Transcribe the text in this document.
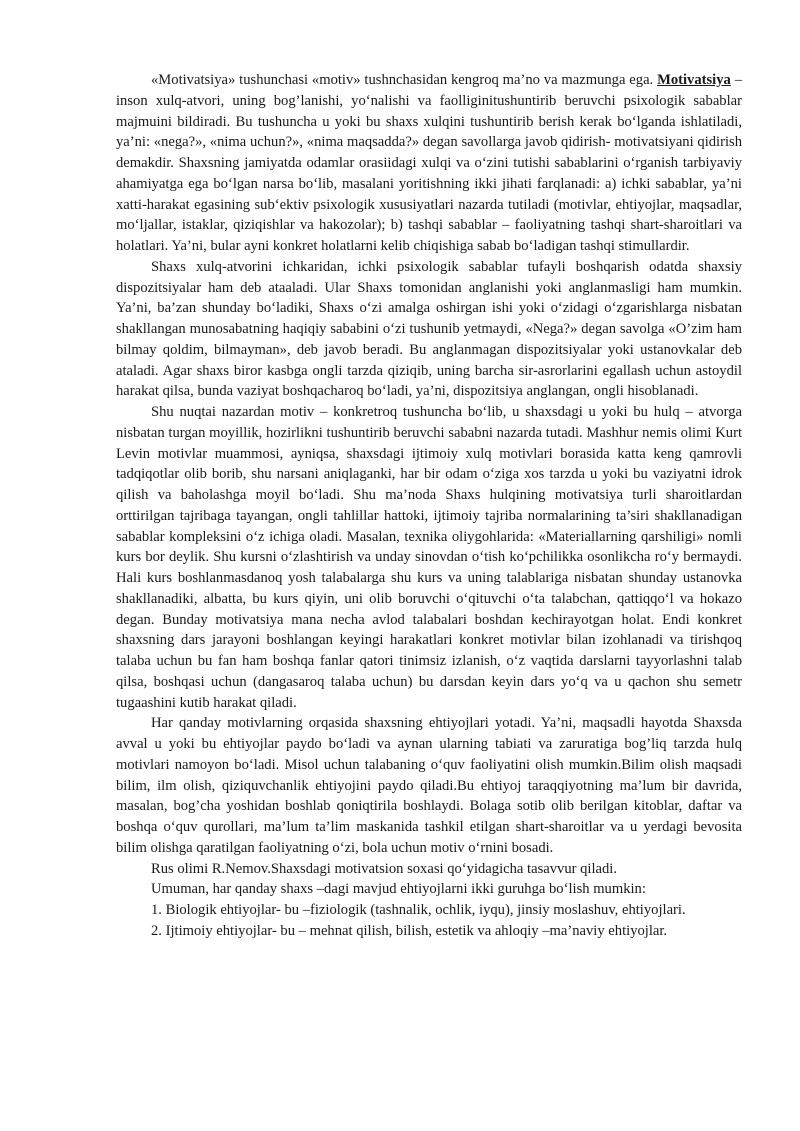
«Motivatsiya» tushunchasi «motiv» tushnchasidan kengroq ma’no va mazmunga ega. Motivatsiya – inson xulq-atvori, uning bog’lanishi, yo‘nalishi va faolliginitushuntirib beruvchi psixologik sabablar majmuini bildiradi. Bu tushuncha u yoki bu shaxs xulqini tushuntirib berish kerak bo‘lganda ishlatiladi, ya’ni: «nega?», «nima uchun?», «nima maqsadda?» degan savollarga javob qidirish- motivatsiyani qidirish demakdir. Shaxsning jamiyatda odamlar orasiidagi xulqi va o‘zini tutishi sabablarini o‘rganish tarbiyaviy ahamiyatga ega bo‘lgan narsa bo‘lib, masalani yoritishning ikki jihati farqlanadi: a) ichki sabablar, ya’ni xatti-harakat egasining sub‘ektiv psixologik xususiyatlari nazarda tutiladi (motivlar, ehtiyojlar, maqsadlar, mo‘ljallar, istaklar, qiziqishlar va hakozolar); b) tashqi sabablar – faoliyatning tashqi shart-sharoitlari va holatlari. Ya’ni, bular ayni konkret holatlarni kelib chiqishiga sabab bo‘ladigan tashqi stimullardir.

Shaxs xulq-atvorini ichkaridan, ichki psixologik sabablar tufayli boshqarish odatda shaxsiy dispozitsiyalar ham deb ataaladi. Ular Shaxs tomonidan anglanishi yoki anglanmasligi ham mumkin. Ya’ni, ba’zan shunday bo‘ladiki, Shaxs o‘zi amalga oshirgan ishi yoki o‘zidagi o‘zgarishlarga nisbatan shakllangan munosabatning haqiqiy sababini o‘zi tushunib yetmaydi, «Nega?» degan savolga «O’zim ham bilmay qoldim, bilmayman», deb javob beradi. Bu anglanmagan dispozitsiyalar yoki ustanovkalar deb ataladi. Agar shaxs biror kasbga ongli tarzda qiziqib, uning barcha sir-asrorlarini egallash uchun astoydil harakat qilsa, bunda vaziyat boshqacharoq bo‘ladi, ya’ni, dispozitsiya anglangan, ongli hisoblanadi.

Shu nuqtai nazardan motiv – konkretroq tushuncha bo‘lib, u shaxsdagi u yoki bu hulq – atvorga nisbatan turgan moyillik, hozirlikni tushuntirib beruvchi sababni nazarda tutadi. Mashhur nemis olimi Kurt Levin motivlar muammosi, ayniqsa, shaxsdagi ijtimoiy xulq motivlari borasida katta keng qamrovli tadqiqotlar olib borib, shu narsani aniqlaganki, har bir odam o‘ziga xos tarzda u yoki bu vaziyatni idrok qilish va baholashga moyil bo‘ladi. Shu ma’noda Shaxs hulqining motivatsiya turli sharoitlardan orttirilgan tajribaga tayangan, ongli tahlillar hattoki, ijtimoiy tajriba normalarining ta’siri shakllanadigan sabablar kompleksini o‘z ichiga oladi. Masalan, texnika oliygohlarida: «Materiallarning qarshiligi» nomli kurs bor deylik. Shu kursni o‘zlashtirish va unday sinovdan o‘tish ko‘pchilikka osonlikcha ro‘y bermaydi. Hali kurs boshlanmasdanoq yosh talabalarga shu kurs va uning talablariga nisbatan shunday ustanovka shakllanadiki, albatta, bu kurs qiyin, uni olib boruvchi o‘qituvchi o‘ta talabchan, qattiqqo‘l va hokazo degan. Bunday motivatsiya mana necha avlod talabalari boshdan kechirayotgan holat. Endi konkret shaxsning dars jarayoni boshlangan keyingi harakatlari konkret motivlar bilan izohlanadi va tirishqoq talaba uchun bu fan ham boshqa fanlar qatori tinimsiz izlanish, o‘z vaqtida darslarni tayyorlashni talab qilsa, boshqasi uchun (dangasaroq talaba uchun) bu darsdan keyin dars yo‘q va u qachon shu semetr tugaashini kutib harakat qiladi.

Har qanday motivlarning orqasida shaxsning ehtiyojlari yotadi. Ya’ni, maqsadli hayotda Shaxsda avval u yoki bu ehtiyojlar paydo bo‘ladi va aynan ularning tabiati va zaruratiga bog’liq tarzda hulq motivlari namoyon bo‘ladi. Misol uchun talabaning o‘quv faoliyatini olish mumkin.Bilim olish maqsadi bilim, ilm olish, qiziquvchanlik ehtiyojini paydo qiladi.Bu ehtiyoj taraqqiyotning ma’lum bir davrida, masalan, bog’cha yoshidan boshlab qoniqtirila boshlaydi. Bolaga sotib olib berilgan kitoblar, daftar va boshqa o‘quv qurollari, ma’lum ta’lim maskanida tashkil etilgan shart-sharoitlar va u yerdagi bevosita bilim olishga qaratilgan faoliyatning o‘zi, bola uchun motiv o‘rnini bosadi.

Rus olimi R.Nemov.Shaxsdagi motivatsion soxasi qo‘yidagicha tasavvur qiladi.

Umuman, har qanday shaxs –dagi mavjud ehtiyojlarni ikki guruhga bo‘lish mumkin:

1. Biologik ehtiyojlar- bu –fiziologik (tashnalik, ochlik, iyqu), jinsiy moslashuv, ehtiyojlari.

2. Ijtimoiy ehtiyojlar- bu – mehnat qilish, bilish, estetik va ahloqiy –ma’naviy ehtiyojlar.
